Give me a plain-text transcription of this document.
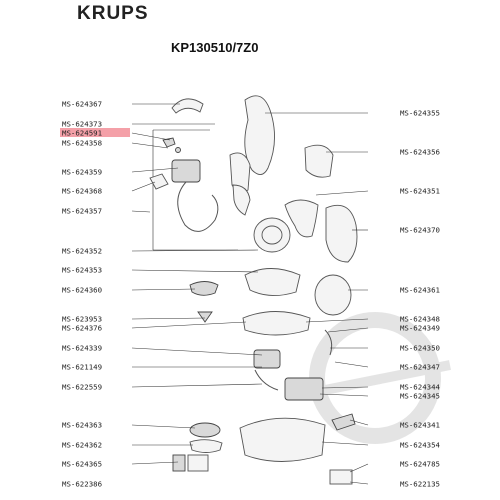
KRUPS
KP130510/7Z0
MS-624367
MS-624373
MS-624591
MS-624358
MS-624359
MS-624368
MS-624357
MS-624352
MS-624353
MS-624360
MS-623953
MS-624376
MS-624339
MS-621149
MS-622559
MS-624363
MS-624362
MS-624365
MS-622386
MS-624355
MS-624356
MS-624351
MS-624370
MS-624361
MS-624348
MS-624349
MS-624350
MS-624347
MS-624344
MS-624345
MS-624341
MS-624354
MS-624785
MS-622135
